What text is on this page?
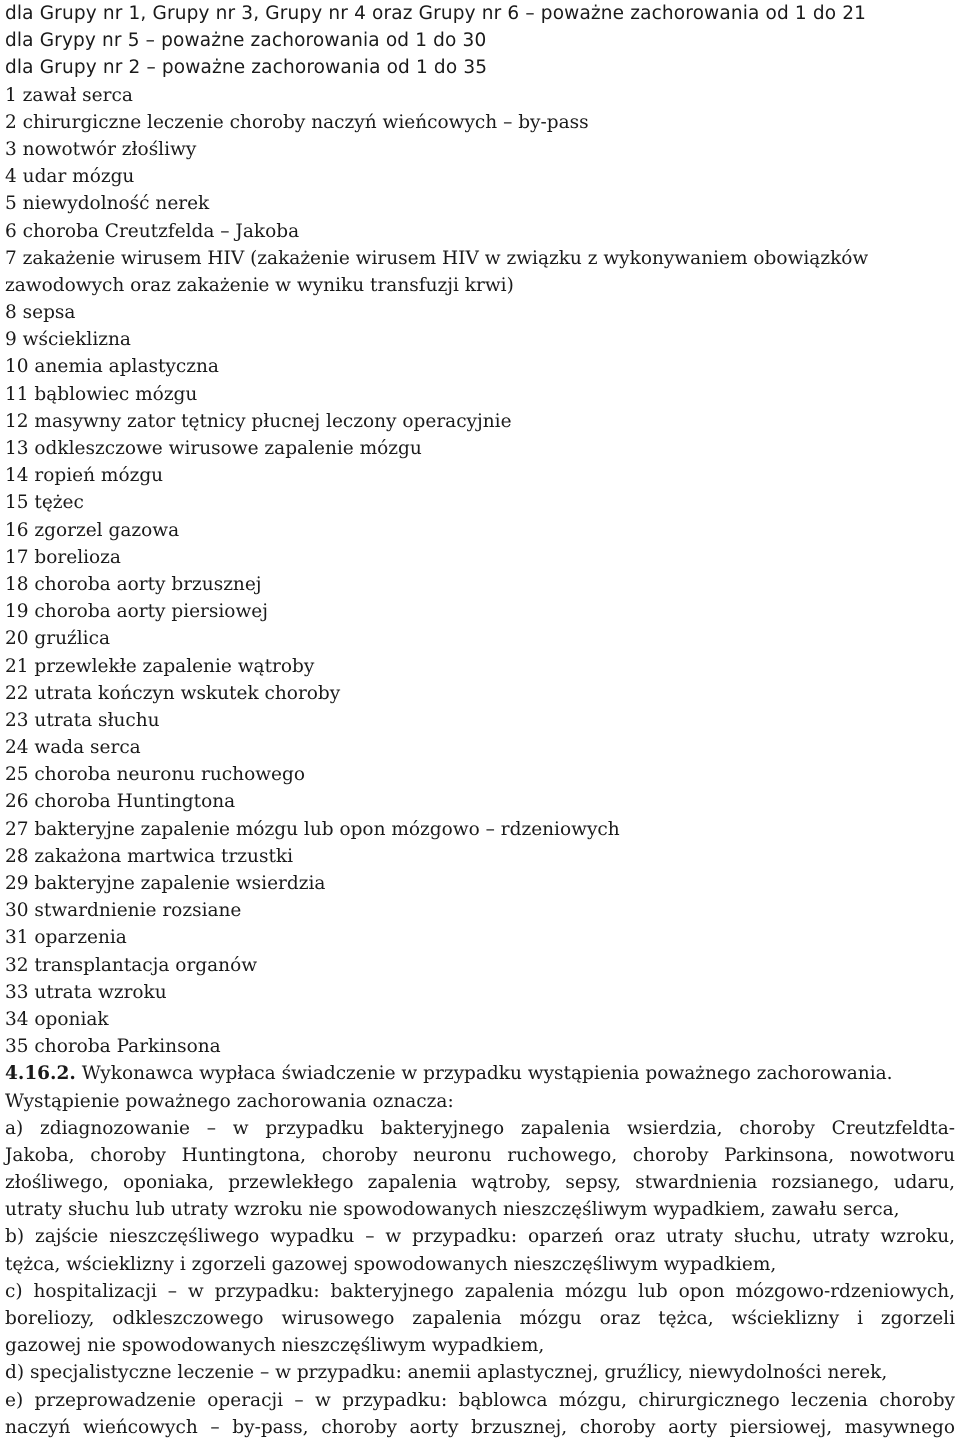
dla Grupy nr 1, Grupy nr 3, Grupy nr 4 oraz Grupy nr 6 – poważne zachorowania od 1 do 21
dla Grypy nr 5 – poważne zachorowania od 1 do 30
dla Grupy nr 2 – poważne zachorowania od 1 do 35
1 zawał serca
2 chirurgiczne leczenie choroby naczyń wieńcowych – by-pass
3 nowotwór złośliwy
4 udar mózgu
5 niewydolność nerek
6 choroba Creutzfelda – Jakoba
7 zakażenie wirusem HIV (zakażenie wirusem HIV w związku z wykonywaniem obowiązków
zawodowych oraz zakażenie w wyniku transfuzji krwi)
8 sepsa
9 wścieklizna
10 anemia aplastyczna
11 bąblowiec mózgu
12 masywny zator tętnicy płucnej leczony operacyjnie
13 odkleszczowe wirusowe zapalenie mózgu
14 ropień mózgu
15 tężec
16 zgorzel gazowa
17 borelioza
18 choroba aorty brzusznej
19 choroba aorty piersiowej
20 gruźlica
21 przewlekłe zapalenie wątroby
22 utrata kończyn wskutek choroby
23 utrata słuchu
24 wada serca
25 choroba neuronu ruchowego
26 choroba Huntingtona
27 bakteryjne zapalenie mózgu lub opon mózgowo – rdzeniowych
28 zakażona martwica trzustki
29 bakteryjne zapalenie wsierdzia
30 stwardnienie rozsiane
31 oparzenia
32 transplantacja organów
33 utrata wzroku
34 oponiak
35 choroba Parkinsona
4.16.2. Wykonawca wypłaca świadczenie w przypadku wystąpienia poważnego zachorowania.
Wystąpienie poważnego zachorowania oznacza:
a) zdiagnozowanie – w przypadku bakteryjnego zapalenia wsierdzia, choroby Creutzfeldta-
Jakoba, choroby Huntingtona, choroby neuronu ruchowego, choroby Parkinsona, nowotworu
złośliwego, oponiaka, przewlekłego zapalenia wątroby, sepsy, stwardnienia rozsianego, udaru,
utraty słuchu lub utraty wzroku nie spowodowanych nieszczęśliwym wypadkiem, zawału serca,
b) zajście nieszczęśliwego wypadku – w przypadku: oparzeń oraz utraty słuchu, utraty wzroku,
tężca, wścieklizny i zgorzeli gazowej spowodowanych nieszczęśliwym wypadkiem,
c) hospitalizacji – w przypadku: bakteryjnego zapalenia mózgu lub opon mózgowo-rdzeniowych,
boreliozy, odkleszczowego wirusowego zapalenia mózgu oraz tężca, wścieklizny i zgorzeli
gazowej nie spowodowanych nieszczęśliwym wypadkiem,
d) specjalistyczne leczenie – w przypadku: anemii aplastycznej, gruźlicy, niewydolności nerek,
e) przeprowadzenie operacji – w przypadku: bąblowca mózgu, chirurgicznego leczenia choroby
naczyń wieńcowych – by-pass, choroby aorty brzusznej, choroby aorty piersiowej, masywnego
